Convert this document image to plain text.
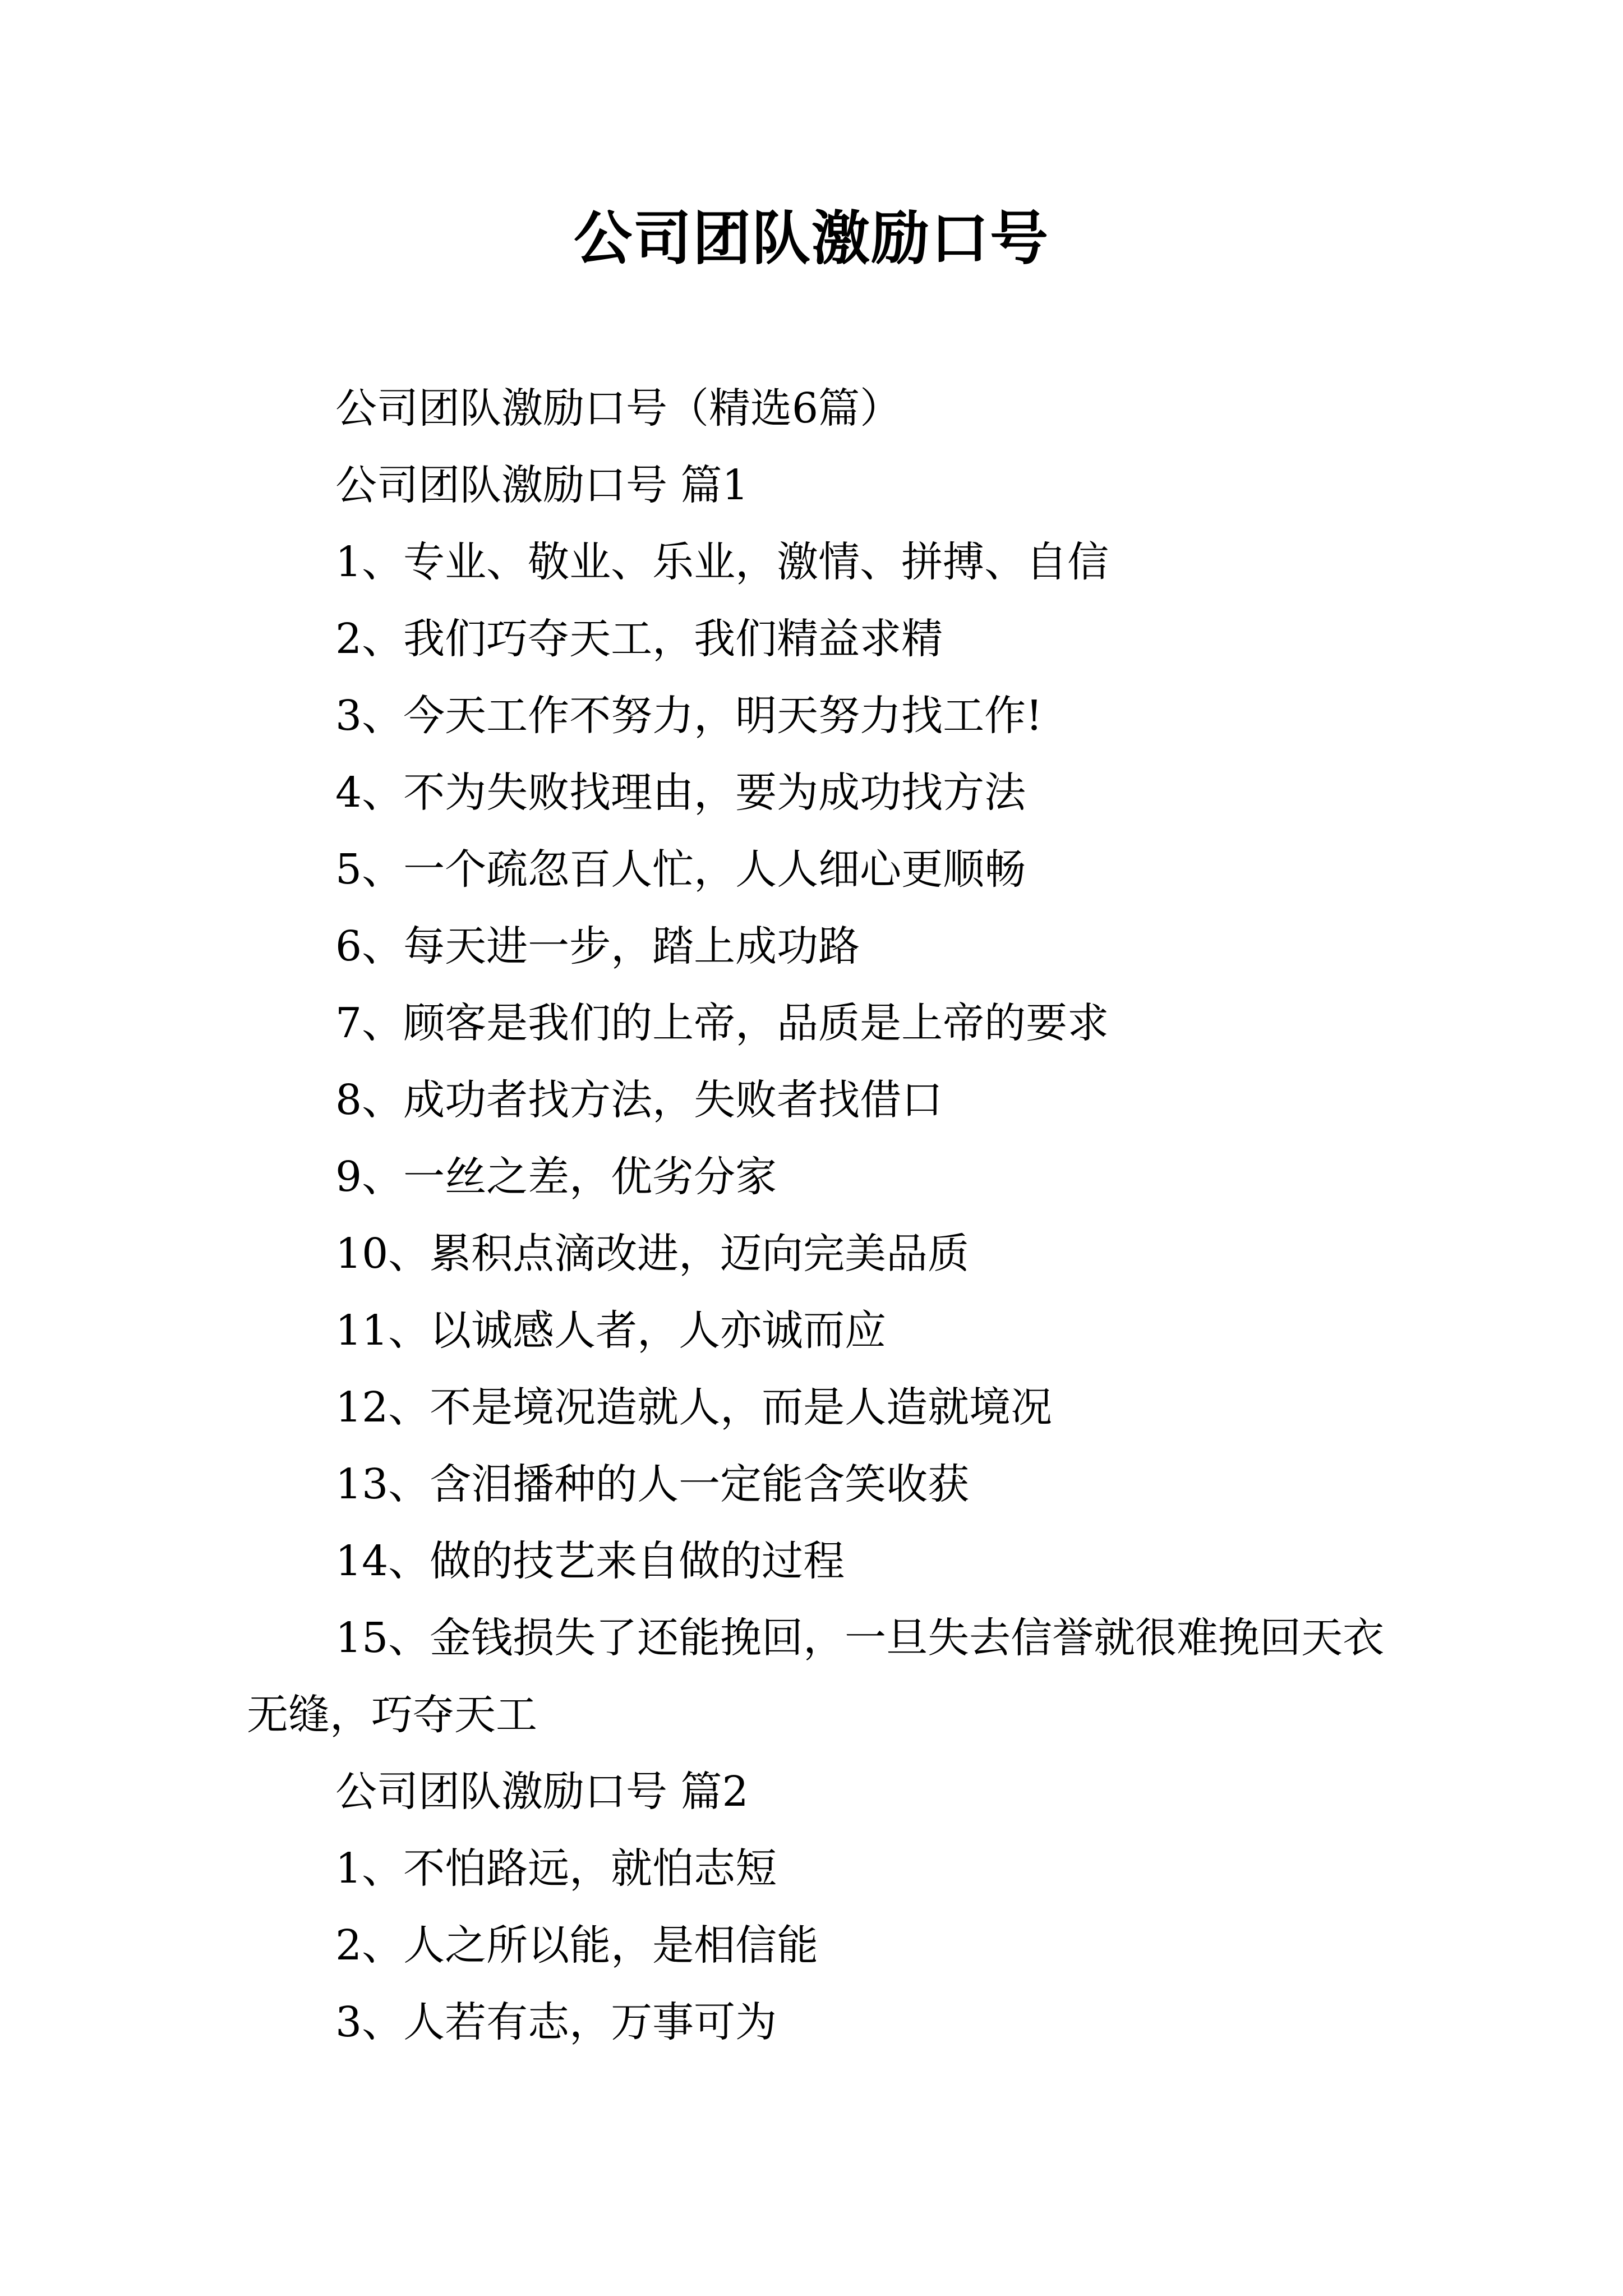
公司团队激励口号

公司团队激励口号（精选6篇）

公司团队激励口号 篇1

1、专业、敬业、乐业，激情、拼搏、自信

2、我们巧夺天工，我们精益求精

3、今天工作不努力，明天努力找工作!

4、不为失败找理由，要为成功找方法

5、一个疏忽百人忙，人人细心更顺畅

6、每天进一步，踏上成功路

7、顾客是我们的上帝，品质是上帝的要求

8、成功者找方法，失败者找借口

9、一丝之差，优劣分家

10、累积点滴改进，迈向完美品质

11、以诚感人者，人亦诚而应

12、不是境况造就人，而是人造就境况

13、含泪播种的人一定能含笑收获

14、做的技艺来自做的过程

15、金钱损失了还能挽回，一旦失去信誉就很难挽回天衣无缝，巧夺天工

公司团队激励口号 篇2

1、不怕路远，就怕志短

2、人之所以能，是相信能

3、人若有志，万事可为
